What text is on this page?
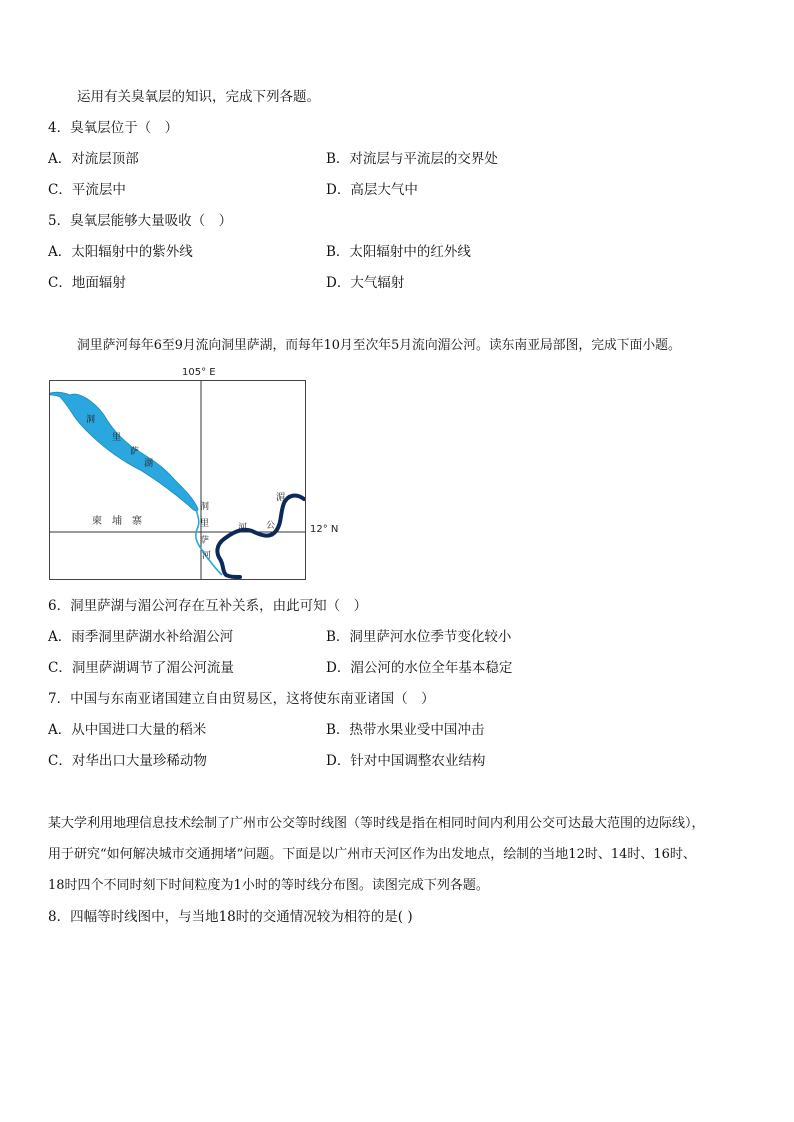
运用有关臭氧层的知识，完成下列各题。
4．臭氧层位于（　）
A．对流层顶部	B．对流层与平流层的交界处
C．平流层中	D．高层大气中
5．臭氧层能够大量吸收（　）
A．太阳辐射中的紫外线	B．太阳辐射中的红外线
C．地面辐射	D．大气辐射
洞里萨河每年6至9月流向洞里萨湖，而每年10月至次年5月流向湄公河。读东南亚局部图，完成下面小题。
105° E
洞
里
萨
湖
洞
里
萨
河
湄
公
河
柬　埔　寨
12° N
6．洞里萨湖与湄公河存在互补关系，由此可知（　）
A．雨季洞里萨湖水补给湄公河	B．洞里萨河水位季节变化较小
C．洞里萨湖调节了湄公河流量	D．湄公河的水位全年基本稳定
7．中国与东南亚诸国建立自由贸易区，这将使东南亚诸国（　）
A．从中国进口大量的稻米	B．热带水果业受中国冲击
C．对华出口大量珍稀动物	D．针对中国调整农业结构
某大学利用地理信息技术绘制了广州市公交等时线图（等时线是指在相同时间内利用公交可达最大范围的边际线），
用于研究“如何解决城市交通拥堵”问题。下面是以广州市天河区作为出发地点，绘制的当地12时、14时、16时、
18时四个不同时刻下时间粒度为1小时的等时线分布图。读图完成下列各题。
8．四幅等时线图中，与当地18时的交通情况较为相符的是( )
